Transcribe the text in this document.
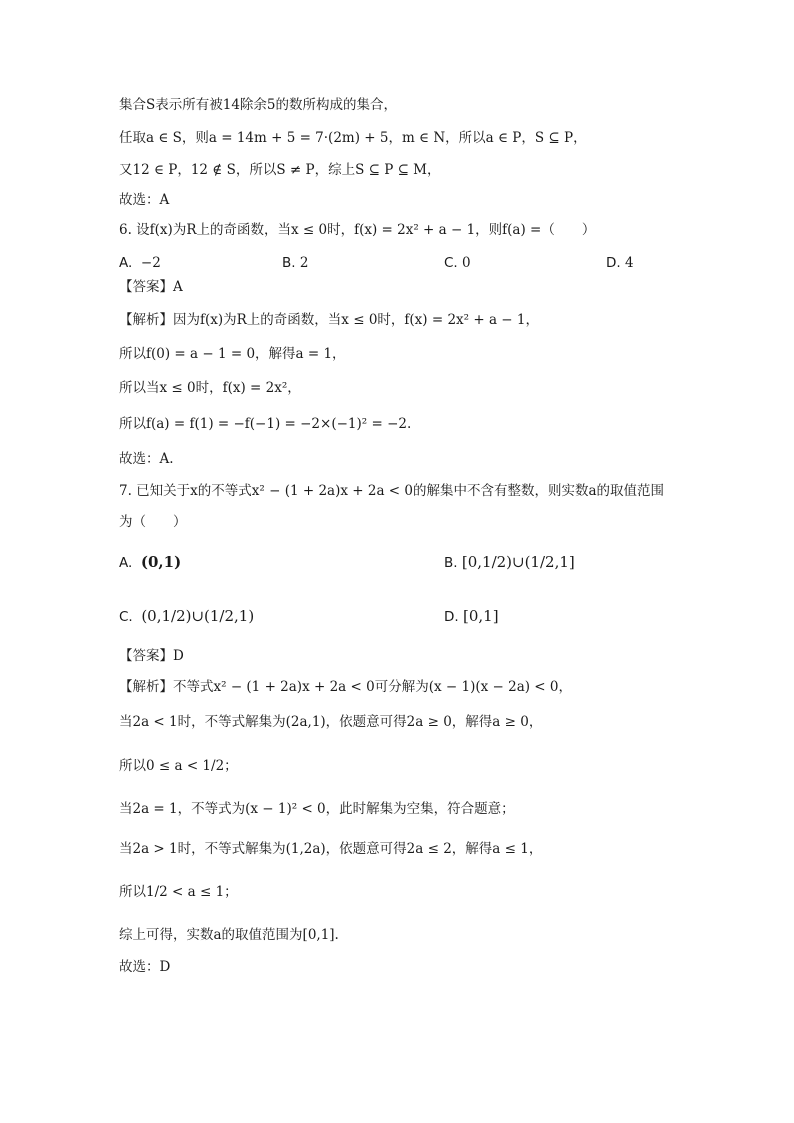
集合S表示所有被14除余5的数所构成的集合，
任取a ∈ S，则a = 14m + 5 = 7·(2m) + 5，m ∈ N，所以a ∈ P，S ⊆ P，
又12 ∈ P，12 ∉ S，所以S ≠ P，综上S ⊆ P ⊆ M，
故选：A
6. 设f(x)为R上的奇函数，当x ≤ 0时，f(x) = 2x² + a − 1，则f(a) =（　　）
A. −2	B. 2	C. 0	D. 4
【答案】A
【解析】因为f(x)为R上的奇函数，当x ≤ 0时，f(x) = 2x² + a − 1，
所以f(0) = a − 1 = 0，解得a = 1，
所以当x ≤ 0时，f(x) = 2x²，
所以f(a) = f(1) = −f(−1) = −2×(−1)² = −2.
故选：A.
7. 已知关于x的不等式x² − (1 + 2a)x + 2a < 0的解集中不含有整数，则实数a的取值范围
为（　　）
A. (0,1)	B. [0,1/2)∪(1/2,1]
C. (0,1/2)∪(1/2,1)	D. [0,1]
【答案】D
【解析】不等式x² − (1 + 2a)x + 2a < 0可分解为(x − 1)(x − 2a) < 0，
当2a < 1时，不等式解集为(2a,1)，依题意可得2a ≥ 0，解得a ≥ 0，
所以0 ≤ a < 1/2；
当2a = 1，不等式为(x − 1)² < 0，此时解集为空集，符合题意；
当2a > 1时，不等式解集为(1,2a)，依题意可得2a ≤ 2，解得a ≤ 1，
所以1/2 < a ≤ 1；
综上可得，实数a的取值范围为[0,1].
故选：D
